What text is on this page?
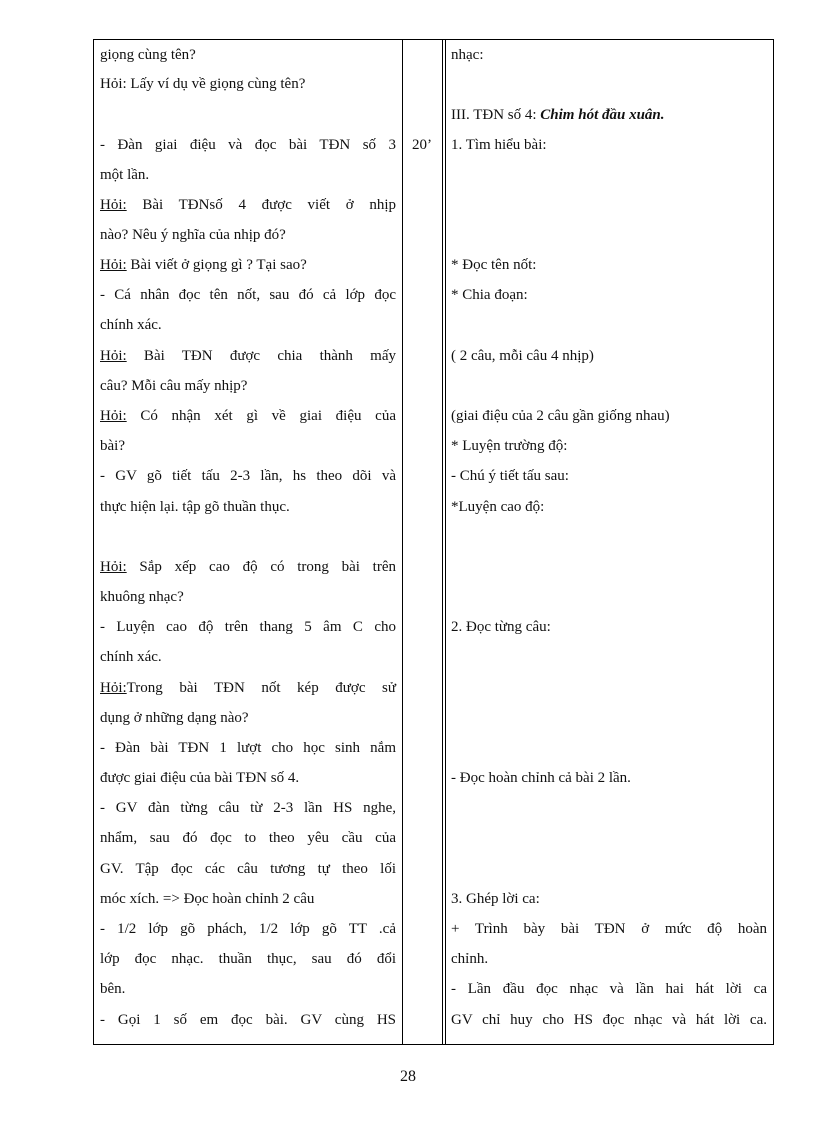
giọng cùng tên?
Hỏi: Lấy ví dụ về giọng cùng tên?
- Đàn giai điệu và đọc bài TĐN số 3
một lần.
Hỏi: Bài TĐNsố 4 được viết ở nhịp
nào? Nêu ý nghĩa của nhịp đó?
Hỏi: Bài viết ở giọng gì ? Tại sao?
- Cá nhân đọc tên nốt, sau đó cả lớp đọc
chính xác.
Hỏi: Bài TĐN được chia thành mấy
câu? Mỗi câu mấy nhịp?
Hỏi: Có nhận xét gì về giai điệu của
bài?
- GV gõ tiết tấu 2-3 lần, hs theo dõi và
thực hiện lại. tập gõ thuần thục.
Hỏi: Sắp xếp cao độ có trong bài trên
khuông nhạc?
- Luyện cao độ trên thang 5 âm C cho
chính xác.
Hỏi:Trong bài TĐN nốt kép được sử
dụng ở những dạng nào?
- Đàn bài TĐN 1 lượt cho học sinh nắm
được giai điệu của bài TĐN số 4.
- GV đàn từng câu từ 2-3 lần HS nghe,
nhẩm, sau đó đọc to theo yêu cầu của
GV. Tập đọc các câu tương tự theo lối
móc xích. => Đọc hoàn chỉnh 2 câu
- 1/2 lớp gõ phách, 1/2 lớp gõ TT .cả
lớp đọc nhạc. thuần thục, sau đó đổi
bên.
- Gọi 1 số em đọc bài. GV cùng HS
20’
nhạc:
III. TĐN số 4: Chim hót đầu xuân.
1. Tìm hiểu bài:
* Đọc tên nốt:
* Chia đoạn:
( 2 câu, mỗi câu 4 nhịp)
(giai điệu của 2 câu gần giống nhau)
* Luyện trường độ:
- Chú ý tiết tấu sau:
*Luyện cao độ:
2. Đọc từng câu:
- Đọc hoàn chỉnh cả bài 2 lần.
3. Ghép lời ca:
+ Trình bày bài TĐN ở mức độ hoàn
chỉnh.
- Lần đầu đọc nhạc và lần hai hát lời ca
GV chỉ huy cho HS đọc nhạc và hát lời ca.
28
